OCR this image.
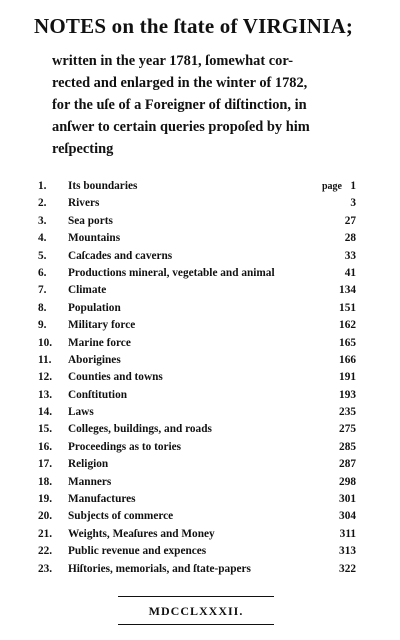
NOTES on the ſtate of VIRGINIA;
written in the year 1781, ſomewhat cor-
rected and enlarged in the winter of 1782,
for the uſe of a Foreigner of diſtinction, in
anſwer to certain queries propoſed by him
reſpecting
1.	Its boundaries	page 1
2.	Rivers	3
3.	Sea ports	27
4.	Mountains	28
5.	Caſcades and caverns	33
6.	Productions mineral, vegetable and animal	41
7.	Climate	134
8.	Population	151
9.	Military force	162
10.	Marine force	165
11.	Aborigines	166
12.	Counties and towns	191
13.	Conſtitution	193
14.	Laws	235
15.	Colleges, buildings, and roads	275
16.	Proceedings as to tories	285
17.	Religion	287
18.	Manners	298
19.	Manufactures	301
20.	Subjects of commerce	304
21.	Weights, Meaſures and Money	311
22.	Public revenue and expences	313
23.	Hiſtories, memorials, and ſtate-papers	322
MDCCLXXXII.
